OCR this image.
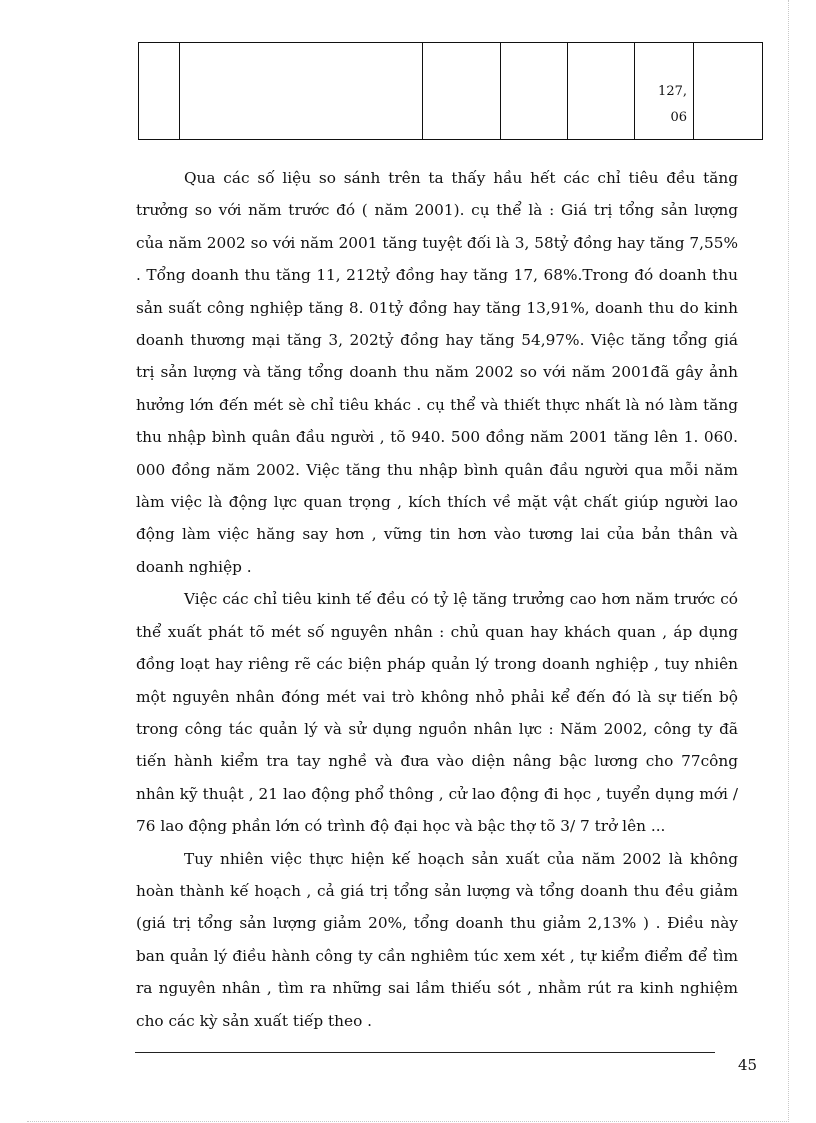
127,
06

Qua các số liệu so sánh trên ta thấy hầu hết các chỉ tiêu đều tăng trưởng so với năm trước đó ( năm 2001). cụ thể là : Giá trị tổng sản lượng của năm 2002 so với năm 2001 tăng tuyệt đối là 3, 58tỷ đồng hay tăng 7,55% . Tổng doanh thu tăng 11, 212tỷ đồng hay tăng 17, 68%.Trong đó doanh thu sản suất công nghiệp tăng 8. 01tỷ đồng hay tăng 13,91%, doanh thu do kinh doanh thương mại tăng 3, 202tỷ đồng hay tăng 54,97%. Việc tăng tổng giá trị sản lượng và tăng tổng doanh thu năm 2002 so với năm 2001đã gây ảnh hưởng lớn đến mét sè chỉ tiêu khác . cụ thể và thiết thực nhất là nó làm tăng thu nhập bình quân đầu người , tõ 940. 500 đồng năm 2001 tăng lên 1. 060. 000 đồng năm 2002. Việc tăng thu nhập bình quân đầu người qua mỗi năm làm việc là động lực quan trọng , kích thích về mặt vật chất giúp người lao động làm việc hăng say hơn , vững tin hơn vào tương lai của bản thân và doanh nghiệp .

Việc các chỉ tiêu kinh tế đều có tỷ lệ tăng trưởng cao hơn năm trước có thể xuất phát tõ mét số nguyên nhân : chủ quan hay khách quan , áp dụng đồng loạt hay riêng rẽ các biện pháp quản lý trong doanh nghiệp , tuy nhiên một nguyên nhân đóng mét vai trò không nhỏ phải kể đến đó là sự tiến bộ trong công tác quản lý và sử dụng nguồn nhân lực : Năm 2002, công ty đã tiến hành kiểm tra tay nghề và đưa vào diện nâng bậc lương cho 77công nhân kỹ thuật , 21 lao động phổ thông , cử lao động đi học , tuyển dụng mới / 76 lao động phần lớn có trình độ đại học và bậc thợ tõ 3/ 7 trở lên ...

Tuy nhiên việc thực hiện kế hoạch sản xuất của năm 2002 là không hoàn thành kế hoạch , cả giá trị tổng sản lượng và tổng doanh thu đều giảm (giá trị tổng sản lượng giảm 20%, tổng doanh thu giảm 2,13% ) . Điều này ban quản lý điều hành công ty cần nghiêm túc xem xét , tự kiểm điểm để tìm ra nguyên nhân , tìm ra những sai lầm thiếu sót , nhằm rút ra kinh nghiệm cho các kỳ sản xuất tiếp theo .

45
